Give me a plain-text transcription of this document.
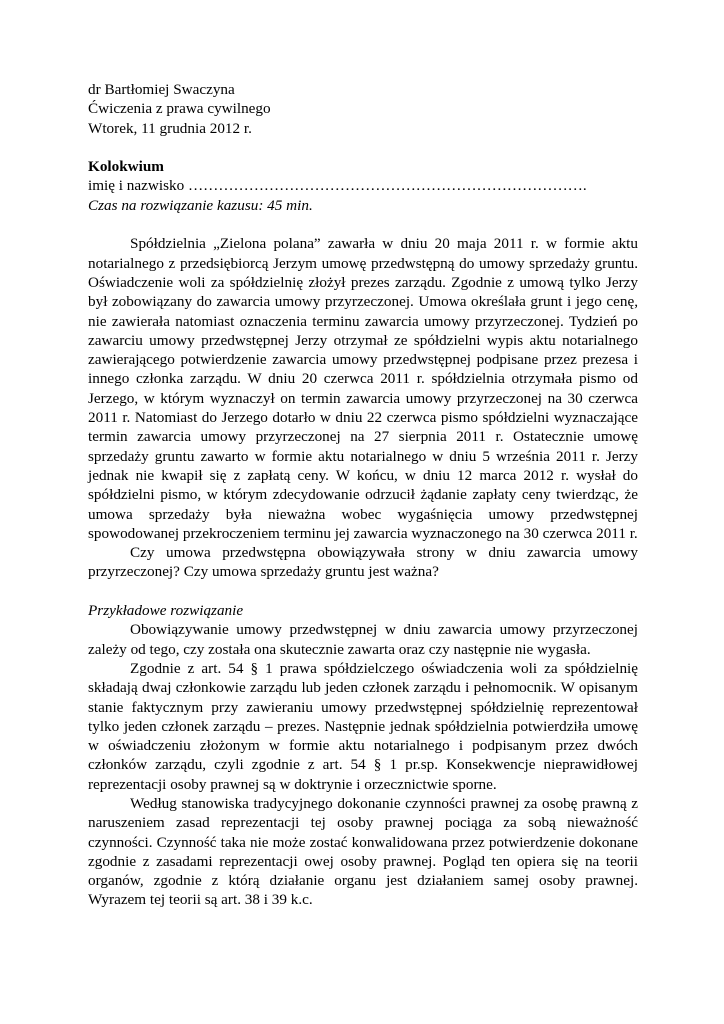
dr Bartłomiej Swaczyna

Ćwiczenia z prawa cywilnego

Wtorek, 11 grudnia 2012 r.

Kolokwium

imię i nazwisko …………………………………………………………………….

Czas na rozwiązanie kazusu: 45 min.

Spółdzielnia „Zielona polana” zawarła w dniu 20 maja 2011 r. w formie aktu notarialnego z przedsiębiorcą Jerzym umowę przedwstępną do umowy sprzedaży gruntu. Oświadczenie woli za spółdzielnię złożył prezes zarządu. Zgodnie z umową tylko Jerzy był zobowiązany do zawarcia umowy przyrzeczonej. Umowa określała grunt i jego cenę, nie zawierała natomiast oznaczenia terminu zawarcia umowy przyrzeczonej. Tydzień po zawarciu umowy przedwstępnej Jerzy otrzymał ze spółdzielni wypis aktu notarialnego zawierającego potwierdzenie zawarcia umowy przedwstępnej podpisane przez prezesa i innego członka zarządu. W dniu 20 czerwca 2011 r. spółdzielnia otrzymała pismo od Jerzego, w którym wyznaczył on termin zawarcia umowy przyrzeczonej na 30 czerwca 2011 r. Natomiast do Jerzego dotarło w dniu 22 czerwca pismo spółdzielni wyznaczające termin zawarcia umowy przyrzeczonej na 27 sierpnia 2011 r. Ostatecznie umowę sprzedaży gruntu zawarto w formie aktu notarialnego w dniu 5 września 2011 r. Jerzy jednak nie kwapił się z zapłatą ceny. W końcu, w dniu 12 marca 2012 r. wysłał do spółdzielni pismo, w którym zdecydowanie odrzucił żądanie zapłaty ceny twierdząc, że umowa sprzedaży była nieważna wobec wygaśnięcia umowy przedwstępnej spowodowanej przekroczeniem terminu jej zawarcia wyznaczonego na 30 czerwca 2011 r.

Czy umowa przedwstępna obowiązywała strony w dniu zawarcia umowy przyrzeczonej? Czy umowa sprzedaży gruntu jest ważna?

Przykładowe rozwiązanie

Obowiązywanie umowy przedwstępnej w dniu zawarcia umowy przyrzeczonej zależy od tego, czy została ona skutecznie zawarta oraz czy następnie nie wygasła.

Zgodnie z art. 54 § 1 prawa spółdzielczego oświadczenia woli za spółdzielnię składają dwaj członkowie zarządu lub jeden członek zarządu i pełnomocnik. W opisanym stanie faktycznym przy zawieraniu umowy przedwstępnej spółdzielnię reprezentował tylko jeden członek zarządu – prezes. Następnie jednak spółdzielnia potwierdziła umowę w oświadczeniu złożonym w formie aktu notarialnego i podpisanym przez dwóch członków zarządu, czyli zgodnie z art. 54 § 1 pr.sp. Konsekwencje nieprawidłowej reprezentacji osoby prawnej są w doktrynie i orzecznictwie sporne.

Według stanowiska tradycyjnego dokonanie czynności prawnej za osobę prawną z naruszeniem zasad reprezentacji tej osoby prawnej pociąga za sobą nieważność czynności. Czynność taka nie może zostać konwalidowana przez potwierdzenie dokonane zgodnie z zasadami reprezentacji owej osoby prawnej. Pogląd ten opiera się na teorii organów, zgodnie z którą działanie organu jest działaniem samej osoby prawnej. Wyrazem tej teorii są art. 38 i 39 k.c.
